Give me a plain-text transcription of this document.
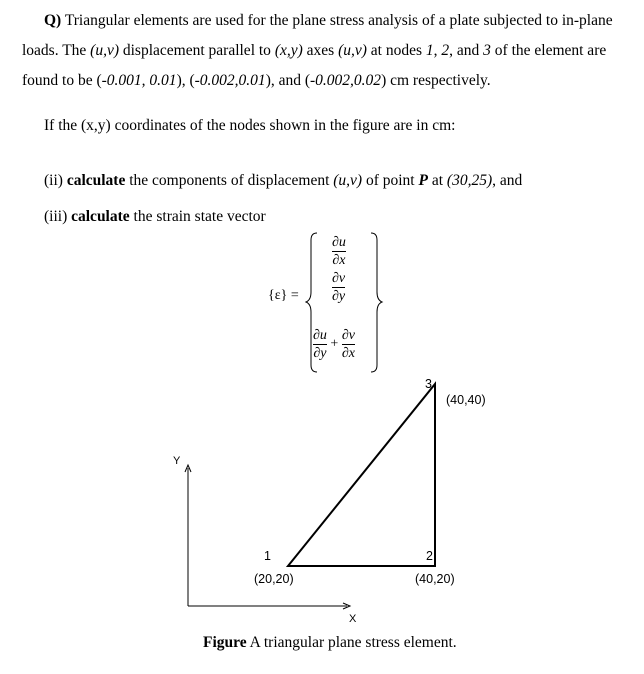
Q) Triangular elements are used for the plane stress analysis of a plate subjected to in-plane
loads. The (u,v) displacement parallel to (x,y) axes (u,v) at nodes 1, 2, and 3 of the element are
found to be (-0.001, 0.01), (-0.002,0.01), and (-0.002,0.02) cm respectively.
If the (x,y) coordinates of the nodes shown in the figure are in cm:
(ii) calculate the components of displacement (u,v) of point P at (30,25), and
(iii) calculate the strain state vector
{ε} =
$\frac{\partial u}{\partial x}$
$\frac{\partial v}{\partial y}$
$\frac{\partial u}{\partial y} + \frac{\partial v}{\partial x}$
3
(40,40)
Y
1	2
(20,20)	(40,20)
X
Figure A triangular plane stress element.
